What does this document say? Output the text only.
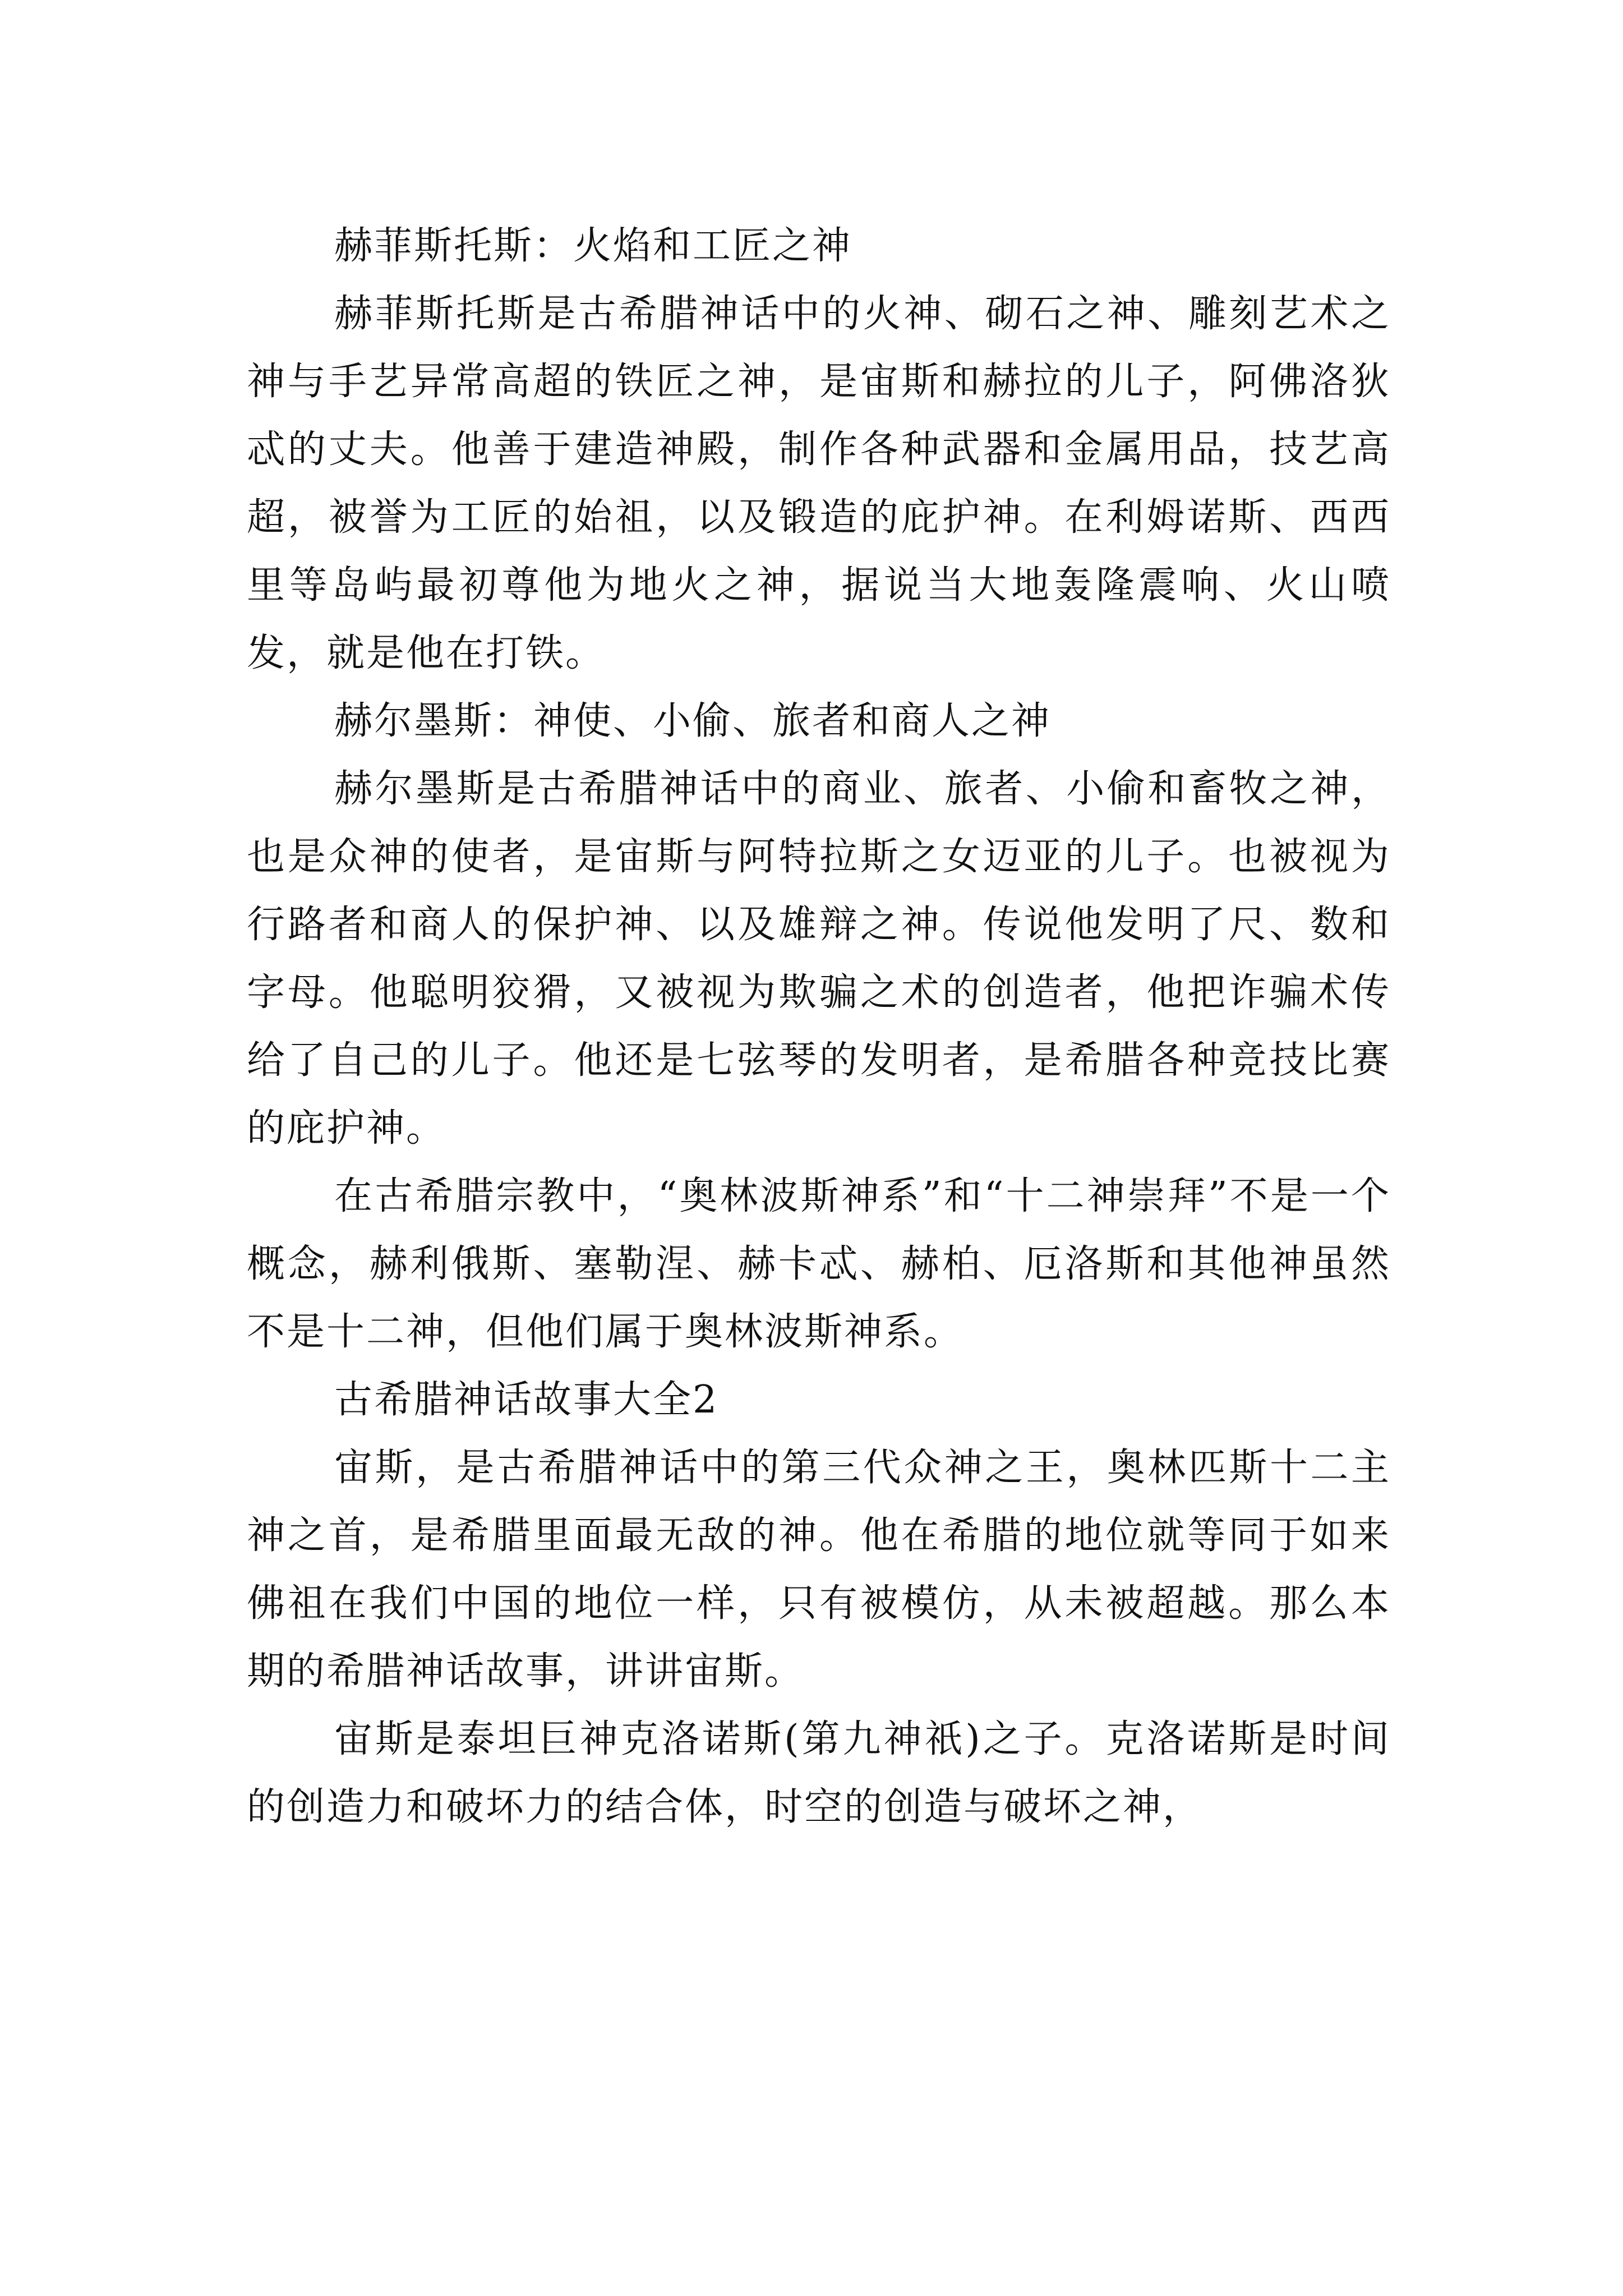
赫菲斯托斯：火焰和工匠之神

赫菲斯托斯是古希腊神话中的火神、砌石之神、雕刻艺术之神与手艺异常高超的铁匠之神，是宙斯和赫拉的儿子，阿佛洛狄忒的丈夫。他善于建造神殿，制作各种武器和金属用品，技艺高超，被誉为工匠的始祖，以及锻造的庇护神。在利姆诺斯、西西里等岛屿最初尊他为地火之神，据说当大地轰隆震响、火山喷发，就是他在打铁。

赫尔墨斯：神使、小偷、旅者和商人之神

赫尔墨斯是古希腊神话中的商业、旅者、小偷和畜牧之神，也是众神的使者，是宙斯与阿特拉斯之女迈亚的儿子。也被视为行路者和商人的保护神、以及雄辩之神。传说他发明了尺、数和字母。他聪明狡猾，又被视为欺骗之术的创造者，他把诈骗术传给了自己的儿子。他还是七弦琴的发明者，是希腊各种竞技比赛的庇护神。

在古希腊宗教中，“奥林波斯神系”和“十二神崇拜”不是一个概念，赫利俄斯、塞勒涅、赫卡忒、赫柏、厄洛斯和其他神虽然不是十二神，但他们属于奥林波斯神系。

古希腊神话故事大全2

宙斯，是古希腊神话中的第三代众神之王，奥林匹斯十二主神之首，是希腊里面最无敌的神。他在希腊的地位就等同于如来佛祖在我们中国的地位一样，只有被模仿，从未被超越。那么本期的希腊神话故事，讲讲宙斯。

宙斯是泰坦巨神克洛诺斯(第九神祇)之子。克洛诺斯是时间的创造力和破坏力的结合体，时空的创造与破坏之神，
